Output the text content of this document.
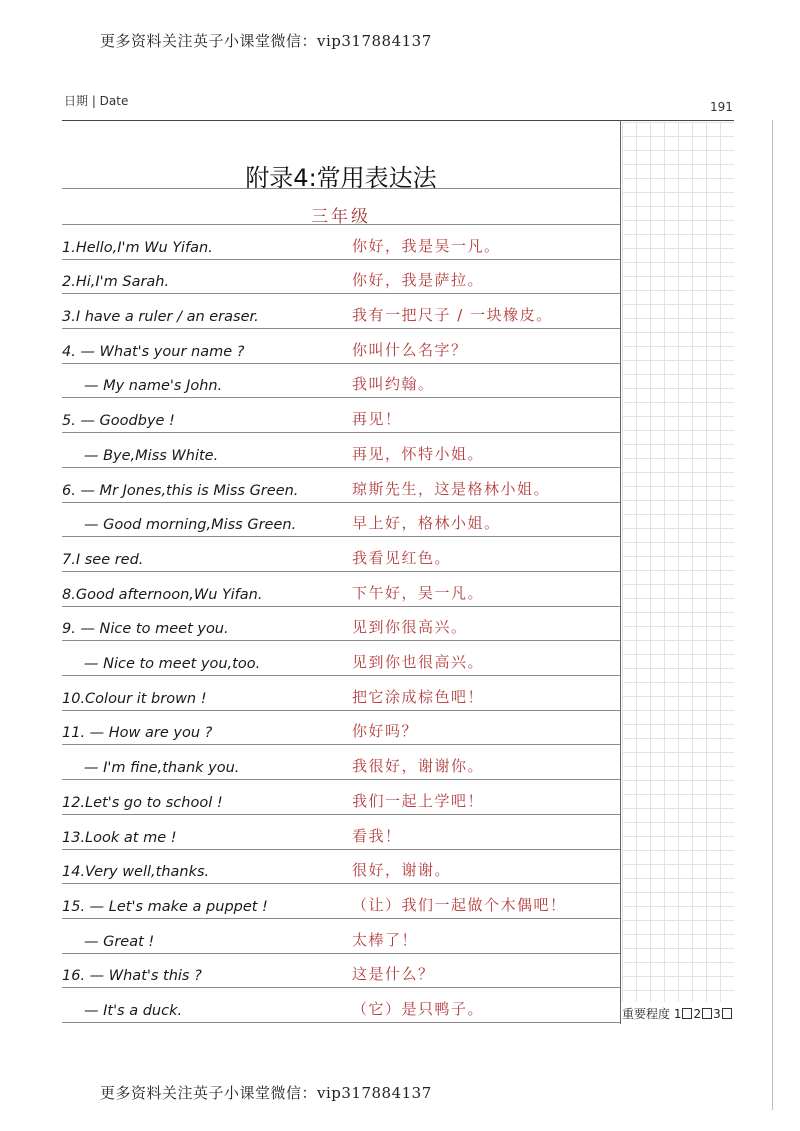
更多资料关注英子小课堂微信：vip317884137
日期 | Date	191
附录4:常用表达法
三年级
1.Hello,I'm Wu Yifan.	你好，我是吴一凡。
2.Hi,I'm Sarah.	你好，我是萨拉。
3.I have a ruler / an eraser.	我有一把尺子 / 一块橡皮。
4. — What's your name ?	你叫什么名字？
— My name's John.	我叫约翰。
5. — Goodbye !	再见！
— Bye,Miss White.	再见，怀特小姐。
6. — Mr Jones,this is Miss Green.	琼斯先生，这是格林小姐。
— Good morning,Miss Green.	早上好，格林小姐。
7.I see red.	我看见红色。
8.Good afternoon,Wu Yifan.	下午好，吴一凡。
9. — Nice to meet you.	见到你很高兴。
— Nice to meet you,too.	见到你也很高兴。
10.Colour it brown !	把它涂成棕色吧！
11. — How are you ?	你好吗？
— I'm fine,thank you.	我很好，谢谢你。
12.Let's go to school !	我们一起上学吧！
13.Look at me !	看我！
14.Very well,thanks.	很好，谢谢。
15. — Let's make a puppet !	（让）我们一起做个木偶吧！
— Great !	太棒了！
16. — What's this ?	这是什么？
— It's a duck.	（它）是只鸭子。	重要程度 1 2 3
更多资料关注英子小课堂微信：vip317884137
